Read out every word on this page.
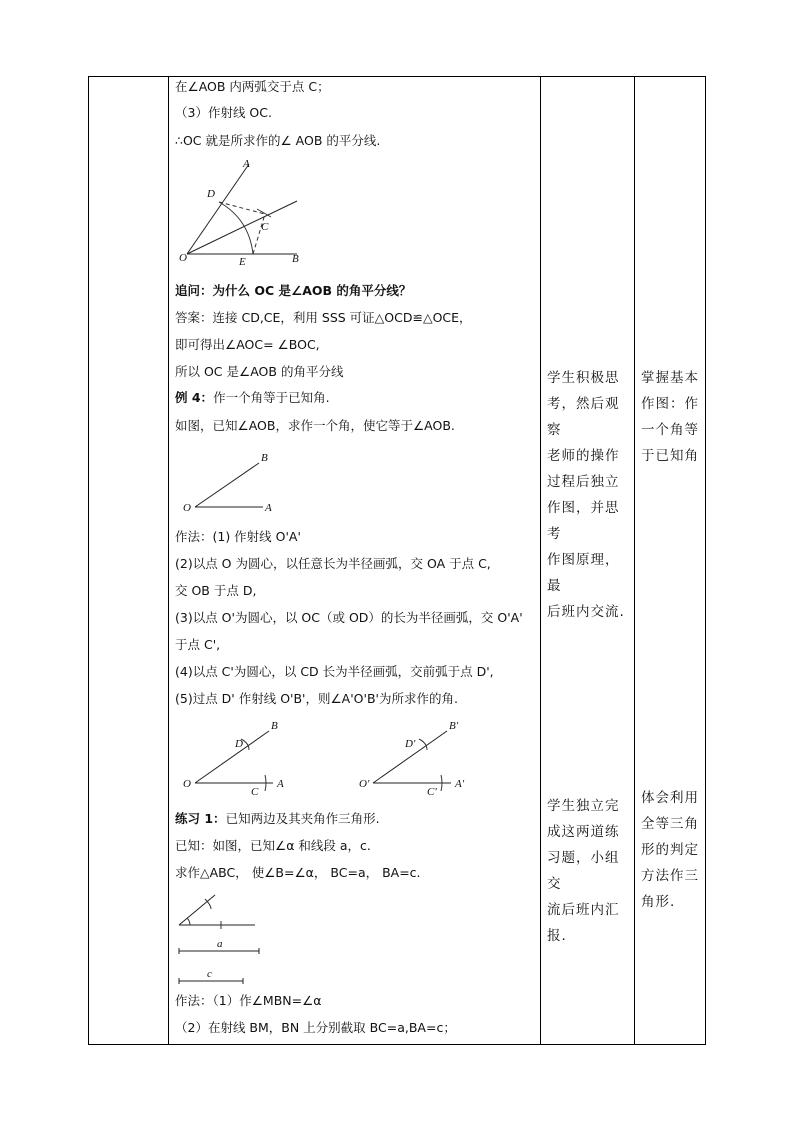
在∠AOB 内两弧交于点 C；
（3）作射线 OC.
∴OC 就是所求作的∠ AOB 的平分线.
A
B
C
D
E
O
追问：为什么 OC 是∠AOB 的角平分线？
答案：连接 CD,CE，利用 SSS 可证△OCD≌△OCE，
即可得出∠AOC= ∠BOC,
所以 OC 是∠AOB 的角平分线
例 4：作一个角等于已知角.
如图，已知∠AOB，求作一个角，使它等于∠AOB.
B
A
O
作法：(1) 作射线 O'A'
(2)以点 O 为圆心，以任意长为半径画弧，交 OA 于点 C,
交 OB 于点 D,
(3)以点 O'为圆心，以 OC（或 OD）的长为半径画弧，交 O'A'
于点 C',
(4)以点 C'为圆心，以 CD 长为半径画弧，交前弧于点 D',
(5)过点 D' 作射线 O'B'，则∠A'O'B'为所求作的角.
B
A
C
D
O
B'
A'
C'
D'
O'
练习 1：已知两边及其夹角作三角形.
已知：如图，已知∠α 和线段 a，c.
求作△ABC， 使∠B=∠α， BC=a， BA=c.
a
c
作法：（1）作∠MBN=∠α
（2）在射线 BM，BN 上分别截取 BC=a,BA=c；
学生积极思
考，然后观察
老师的操作
过程后独立
作图，并思考
作图原理，最
后班内交流.
掌握基本
作图：作
一个角等
于已知角
学生独立完
成这两道练
习题，小组交
流后班内汇
报.
体会利用
全等三角
形的判定
方法作三
角形.
